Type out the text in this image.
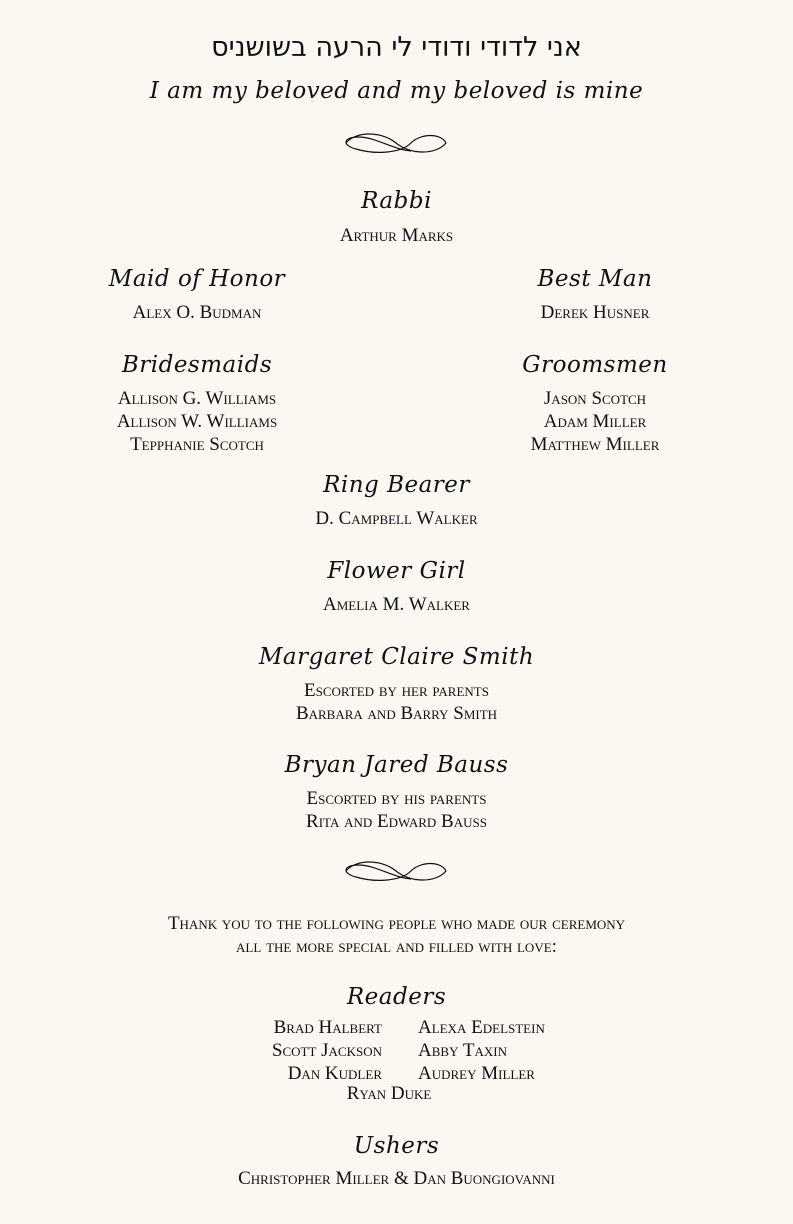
סינשושב הערה יל ידודו ידודל ינא
I am my beloved and my beloved is mine
Rabbi
Arthur Marks
Maid of Honor
Alex O. Budman
Best Man
Derek Husner
Bridesmaids
Allison G. Williams
Allison W. Williams
Tepphanie Scotch
Groomsmen
Jason Scotch
Adam Miller
Matthew Miller
Ring Bearer
D. Campbell Walker
Flower Girl
Amelia M. Walker
Margaret Claire Smith
Escorted by her parents
Barbara and Barry Smith
Bryan Jared Bauss
Escorted by his parents
Rita and Edward Bauss
Thank you to the following people who made our ceremony
all the more special and filled with love:
Readers
Brad Halbert Alexa Edelstein
Scott Jackson Abby Taxin
Dan Kudler Audrey Miller
Ryan Duke
Ushers
Christopher Miller & Dan Buongiovanni
